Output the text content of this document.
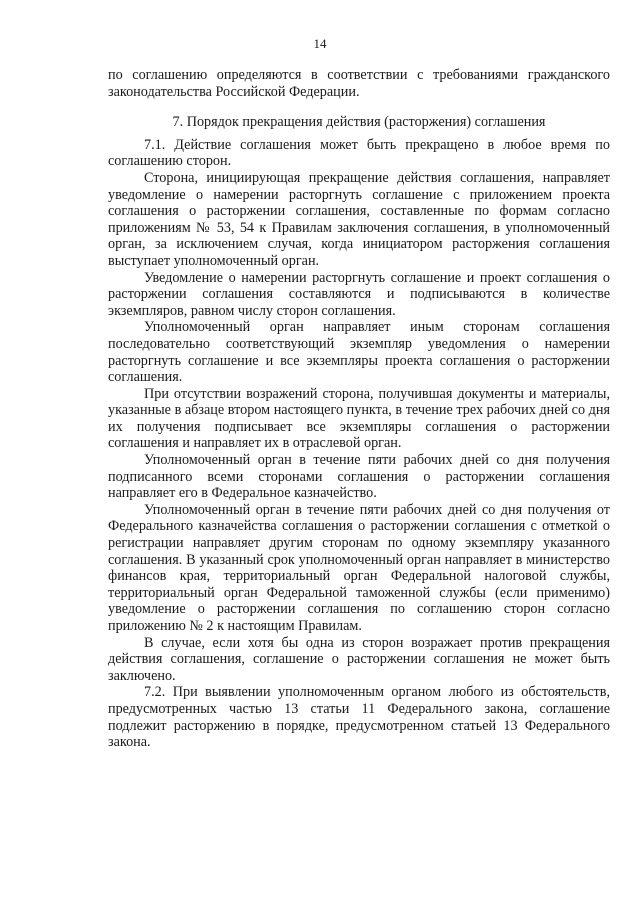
14

по соглашению определяются в соответствии с требованиями гражданского законодательства Российской Федерации.

7. Порядок прекращения действия (расторжения) соглашения

7.1. Действие соглашения может быть прекращено в любое время по соглашению сторон.

Сторона, инициирующая прекращение действия соглашения, направляет уведомление о намерении расторгнуть соглашение с приложением проекта соглашения о расторжении соглашения, составленные по формам согласно приложениям № 53, 54 к Правилам заключения соглашения, в уполномоченный орган, за исключением случая, когда инициатором расторжения соглашения выступает уполномоченный орган.

Уведомление о намерении расторгнуть соглашение и проект соглашения о расторжении соглашения составляются и подписываются в количестве экземпляров, равном числу сторон соглашения.

Уполномоченный орган направляет иным сторонам соглашения последовательно соответствующий экземпляр уведомления о намерении расторгнуть соглашение и все экземпляры проекта соглашения о расторжении соглашения.

При отсутствии возражений сторона, получившая документы и материалы, указанные в абзаце втором настоящего пункта, в течение трех рабочих дней со дня их получения подписывает все экземпляры соглашения о расторжении соглашения и направляет их в отраслевой орган.

Уполномоченный орган в течение пяти рабочих дней со дня получения подписанного всеми сторонами соглашения о расторжении соглашения направляет его в Федеральное казначейство.

Уполномоченный орган в течение пяти рабочих дней со дня получения от Федерального казначейства соглашения о расторжении соглашения с отметкой о регистрации направляет другим сторонам по одному экземпляру указанного соглашения. В указанный срок уполномоченный орган направляет в министерство финансов края, территориальный орган Федеральной налоговой службы, территориальный орган Федеральной таможенной службы (если применимо) уведомление о расторжении соглашения по соглашению сторон согласно приложению № 2 к настоящим Правилам.

В случае, если хотя бы одна из сторон возражает против прекращения действия соглашения, соглашение о расторжении соглашения не может быть заключено.

7.2. При выявлении уполномоченным органом любого из обстоятельств, предусмотренных частью 13 статьи 11 Федерального закона, соглашение подлежит расторжению в порядке, предусмотренном статьей 13 Федерального закона.
